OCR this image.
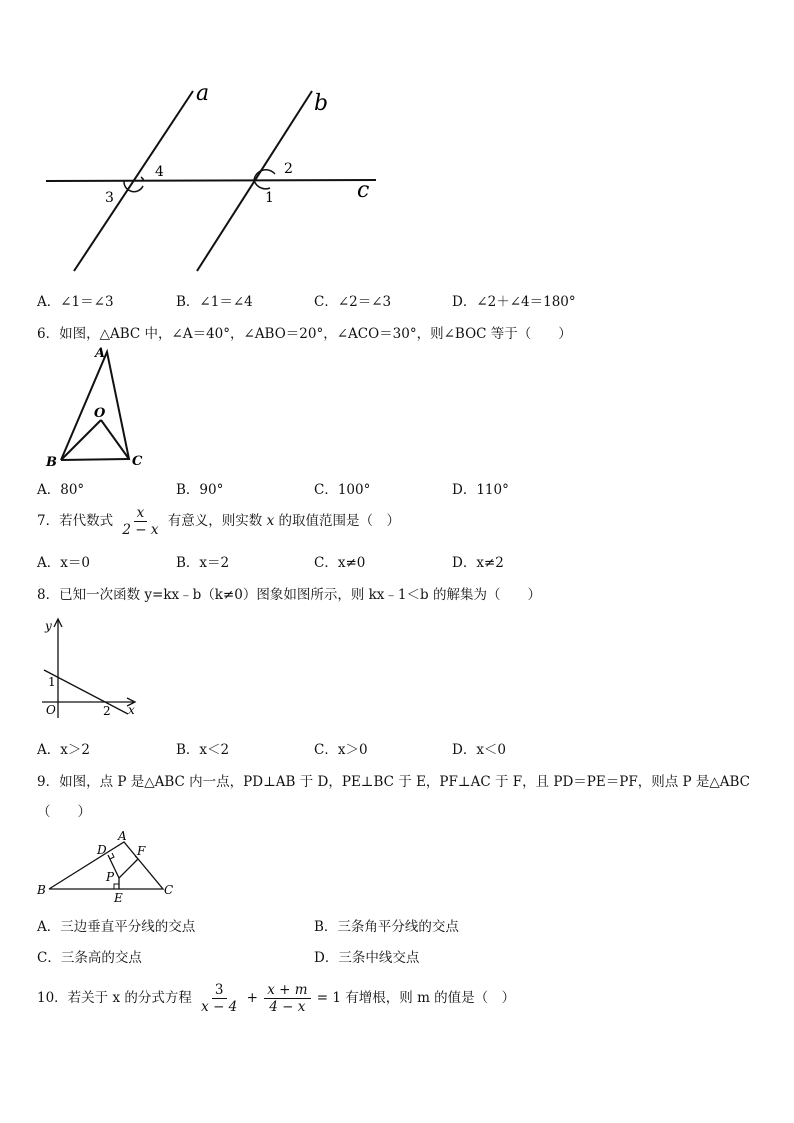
a	b
c
4
3
2
1
A．∠1＝∠3	B．∠1＝∠4	C．∠2＝∠3	D．∠2＋∠4＝180°
6．如图，△ABC 中，∠A＝40°，∠ABO＝20°，∠ACO＝30°，则∠BOC 等于（　　）
A
O
B	C
A．80°	B．90°	C．100°	D．110°
7．若代数式 $\frac{x}{2 - x}$ 有意义，则实数 x 的取值范围是（　）
A．x＝0	B．x＝2	C．x≠0	D．x≠2
8．已知一次函数 y=kx﹣b（k≠0）图象如图所示，则 kx﹣1＜b 的解集为（　　）
y
x
O
1
2
A．x＞2	B．x＜2	C．x＞0	D．x＜0
9．如图，点 P 是△ABC 内一点，PD⊥AB 于 D，PE⊥BC 于 E，PF⊥AC 于 F，且 PD＝PE＝PF，则点 P 是△ABC
（　　）
A
D	F
P
B	C
E
A．三边垂直平分线的交点	B．三条角平分线的交点
C．三条高的交点	D．三条中线交点
10．若关于 x 的分式方程 $\frac{3}{x - 4} + \frac{x + m}{4 - x} = 1$ 有增根，则 m 的值是（　）
